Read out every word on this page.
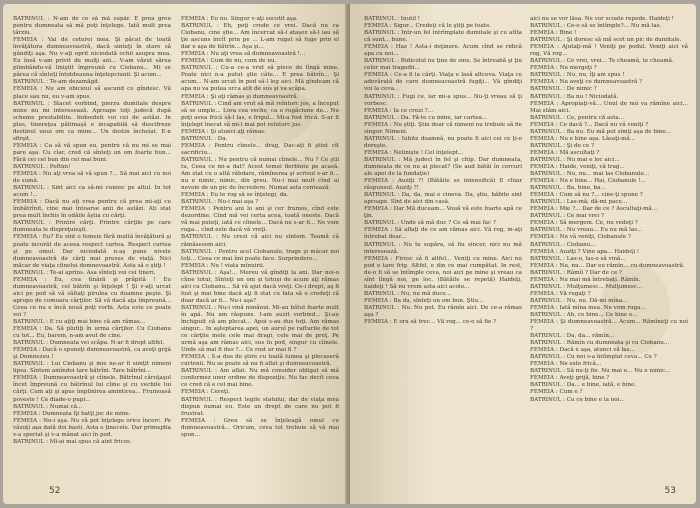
BATRINUL : N-am de ce să mă supăr. E prea greu pentru dumneata să mă poţi înţelege. Iată mult prea târziu.

FEMEIA : Vai de ceterei mea. Şi păcat de toată învăţătura dumneavoastră, dacă sinteţi în stare să gândiţi aşa. Nu v-aţi oprit niciodată ochii asupra mea. Eu însă v-am privit de mulţi ani... V-am văzut sărea plimbându-vă liniştit împreună cu Ciobanu... Mi se părea că sînteţi întotdeauna înţelepciunii. Şi acum...

BATRINUL : Te-am dezamăgit.

FEMEIA : Nu am obiceiul să ascund ce gîndesc. Vă place sau nu, eu v-am spus.

BATRINUL : Stacet vorbind, pierzu dumitale despre mine nu mi interesează. Aproape toţi judecă după scheme prestabilite. Indoedeti voi cei de astăzi. In plus, tinereţea pătimaşă e incapabilă să descifreze destinul unui om ca mine... Un destin încheiat. E-n sfirşit.

FEMEIA : Ca să vă spun eu, pentru că nu mi se mai pare aşa. Cu clar, cred că sînteţi un om foarte bun... Fără cei cel bun din cei mai buni.

BATRINUL : Poftim!

FEMEIA : Nu aţi vrea să vă spun ?... Să mai aici cu noi de sumă.

BATRINUL : Sint aici ca să-mi cunosc pe altul. In tot acum !...

FEMEIA : Dacă nu aţi vrea pentru că prea mi-aţi cu îmbătrînit, cine mai întoarse anii de astăzi. Ati stat prea mult închis în odăile ăştia cu cărţi.

BATRINUL : Printre cărţi. Printre cărţile pe care dumneata le dispreţuieşti.

FEMEIA : Eu? Eu sînt o femeie fără multă învăţătură şi poate incurăt de aceea respect cartea. Respect cartea şi pe omul. Dar niciodată n-aş pune nivele dumneavoastră de cărţi mai presus de viaţă. Nici măcar de viaţa cîinelui domnevoastră. Asta să o ştiţi !

BATRINUL : Te-ai aprins. Asa sînteţi voi cei tineri.

FEMEIA : Eu, cea tînără şi prăpită ! Eu dumneavoastră, cel bătrîn şi înţelept ! Şi v-aţi urcat aici pe pod să vă săltaţi pirulea cu doamne peşte. Şi apropo de comoara cărţilor. Să vă dacă aţa împreună... Ceea ce nu e încă nouă poţi vorbi. Asta este ce poate voi ?

BATRINUL : E cu aţiţi mai bine că am rămas...

FEMEIA : Da. Să plutiţi în urma cărţilor. Cu Ciobanu cu tot... Eu, barem, n-am avut de cine.

BATRINUL : Dumneata vei scăpa. N-ar fi drept altfel.

FEMEIA : Dacă o spuneţi dumneavoastră, ca aveţi grijă şi Dumnezeu !

BATRINUL : Lui Ciobanu şi mie ne-ar fi simţit nimeni lipsa. Sîntem amîndoi tare bătrîni. Tare bătrîni...

FEMEIA : Dumneavoastră şi cîinele. Bătrînul căruţaşul încet împreună cu bătrînul lui cîine şi cu vechile lui cărţi. Cum aţi şi apus împlinirea amintirea... Frumoasă poveste ! Ce diade-o pupi...

BATRINUL : Numai că...

FEMEIA : Dumneata îţi batţi joc de mine.

FEMEIA : Nu-i aşa. Nu vă pot înţelege orice încerc. Pe văzuţi aşa dată doi basti. Asta e ţinecele. Dar primejdia v-a speriat şi v-a mânat aici în pod.

BATRINUL : Mi-ai mai spus că aint fricos.

FEMEIA : Eu nu. Singur v-aţi socotit aşa.

BATRINUL : Eh, poţi crede ce vrei. Dacă nu ca Ciobanu, cine ştie... Am încercat să-l ataşez să-l iau să ţie ascuns încît prin pe ... L-am rugat să fuge prin el dar e aşa de bătrîn... Aşa și...

FEMEIA : Nu aţi vrea să dumneavoastră !...

FEMEIA : Cum de nu, cum de nu.

BATRINUL : Cu-a ce-a vrut să plece de lîngă mine. Poate nici n-a putut ştie câte... E prea bătrîn... Şi acum... N-am urcat în pod să-l leg aici. Mă gîndeam că apa nu va putea urca atît de sus şi va scăpa.

FEMEIA : Şi aţi rămas şi dumneavoastră.

BATRINUL : Cind am vrut să mă reîntorc jos, a început să se umple... Lora cea veche, ca o rugăciune de... Nu poţi avea frică să-l las, e frigul... Mi-a fost frică. S-ar fi înţelept înecat să mi-l mai pot reîntorc jos.

FEMEIA : Şi atunci aţi rămas.

BATRINUL : Da.

FEMEIA : Pentru cîinele... drag, Dac-aţi fi ştiut cît sacrificiu...

BATRINUL : Nu pentru că numai cîinele... Nu ? Ce ştii tu, Ceea ce mi-a dat? Acest temei fierbinte pe acasă. Am stat cu o altă răbdare, rămînerea şi scrisul s-ar fi... nu e nimic, nimic, din greu. Nu-i mai mult cînd ai nevoie de un pic de încredere. Numai asta contează.

FEMEIA : Eu te rog să se înţelegi, da.

BATRINUL : Nu-i mai aşa ?

FEMEIA : Pentru ani lo ani şi cer frumos, cînd este dezordine. Cînd mă vei certa acea, toată oneste. Dacă vă mai puteţi, iată ce cîinele... Dacă nu s-ar fi... Ne vom ruga... cînd este dacă vă vreţi.

BATRINUL : Nu crezi că aici nu sîntem. Teamă că rămăsesem aici.

BATRINUL : Pentru acel Ciobanule, trage şi măcar noi toţi... Ceea ce mai îmi poate face. Surprindere...

FEMEIA : Nu ! viata mînuirii.

BATRINUL : Aşa!... Mereu vă gîndiţi la ani. Dar noi-o cîine totul, Sînteţi un om şi totuşi de acum aţi rămas aici cu Ciobanu... Să vă ajut dacă vreţi. Ce-i drept, aş fi fost şi mai bine dacă aţi fi stat cu fata să o credeţi că doar dacă ar fi... Nu-i aşa?

BATRINUL : Nu-i vină nimănui. Mi-au bătut foarte mult în apă. Nu am răspuns. I-am auzit vorbind... Şi-au închipuit că am plecat... Apoi s-au dus toţi. Am rămas singur... In aşteptarea apei, un aurul pe rafturile de tot ce cărţile mele cele mai dragi, cele mai de preţ. Pe urmă aşa am rămas aici, sus în pod, singur cu cîinele. Unde să mai fi dus ?... Ce rost ar mai fi ?

FEMEIA : S-a dus de ştire cu toată lumea şi plecaseră curtenii. Nu se poate să nu fi aflat şi dumneavoastră.

BATRINUL : Am aflat. Nu mă consider obligat să mă conformez unor ordine de dispoziţie. Nu fac decît ceea ce cred că e cel mai bine.

FEMEIA : Cereţi.

BATRINUL : Respect legile statului, dar de viaţa mea dispun numai eu. Este un drept de care nu pot fi frustrat.

FEMEIA : Greu să se înţeleagă omul cu dumneavoastră... Oricum, ceva tot trebuie să vă mai spun...

52

BATRINUL : Inutil !

FEMEIA : Sigur... Credeţi că le ştiţi pe toate.

BATRINUL : Intr-un fel întrîmplate dumitale şi cu atîta că sunt... bune.

FEMEIA : Haz ! Asta-i deţinere. Acum cînd se ridică apa cu noi...

BATRINUL : Ridicolul nu ţine de sine. Se întreabă şi ţiu celor mai tragedii...

FEMEIA : Ce-a fi la cărţi. Viaţa e lasă altceva. Viaţa ce adevărată de care dumneavoastră fugiţi... Vă gîndiţi voi la ceva...

BATRINUL : Fugi ce, iar mi-a spus... Nu-ţi vreau să ţi vorbesc.

FEMEIA : Ia ce crezi ?...

BATRINUL : Da. Fă-te cu mine, iar cartea...

FEMEIA : Nu ştiţi. Ştiu doar că nimeni nu trebuie să fie singur. Nimeni.

BATRINUL : Iubite doamnă, nu poate fi aici cei ce ţi-o doreşte.

FEMEIA : Nelinişte ! Cel înţelept...

BATRINUL : Mă judeci în fel şi chip. Dar dumneata, dumneata de ce nu ai plecat? (Se aud bătăi în cercuri ale apei de la fundaţie)

FEMEIA : Auziţi ?! (Bătăile se intensifică) E chiar răspunsul. Auziţi ?!

BATRINUL : Da, da, mai e cineva. Da, ştiu, băbite sint aproape. Sînt de aici din casă.

FEMEIA : Dar Mă duceam... Vouă vă este foarte apă ce ţin.

BATRINUL : Unde să mă duc ? Ce să mai fac ?

FEMEIA : Să aflaţi de ce am rămas aici. Vă rog, m-aţi întrebat doar...

BATRINUL : Nu te supăra, să fiu sincer, nici nu mă interesează.

FEMEIA : Firesc să fi altfel... Veniţi cu mine. Aici nu pod e tare frig. Altfel, e din ce mai cumpătat. In rest, de-o fi să se întîmple ceva, noi aici pe mine şi vreau ca sînt lîngă noi, pe loc. (Bătăile se repetă) Haideţi, haideţi ! Să nu vrem asta aici acolo...

BATRINUL : Nu, nu mă duce...

FEMEIA : Ba da, sînteţi un om bun. Ştiu...

BATRINUL : Nu. Nu pot. Eu rămîn aici. De ce-a rămas aşa ?

FEMEIA : E ora să trec... Vă rog... ce-o să fie ?

aici nu se vor lăsa. Ne vor scoate repede. Haideţi !

BATRINUL : Ce-o să se întîmple?... Nu mă las.

FEMEIA : Bine !

BATRINUL : Şi doresc să mă scot un pic de dumitale.

FEMEIA : Ajutaţi-mă ! Veniţi pe podul. Veniţi aici vă rog, Vă rog...

BATRINUL : Ce vrei, vrei... Te cheamă, te cheamă.

FEMEIA : Nu mergeţi ?

BATRINUL : Nu, nu, îţi am spus !

FEMEIA : Nu aveţi ce dumneavoastră ?

BATRINUL : De nimic ?

BATRINUL : Ba nu ! Niciodată.

FEMEIA : Apropiaţi-vă... Unul de noi va rămîne aici... Mai stăm aici.

BATRINUL : Ce, pentru că asta...

FEMEIA : Ce dacă ?... Dacă nu vă veniţi ?

BATRINUL : Ba nu. Eu mă pot simţi aşa de bine...

FEMEIA : Nu e bine aşa. Lăsaţi-mă...

BATRINUL : Şi de ce ?

FEMEIA : Mă ascultaţi ?

BATRINUL : Nu mai e loc aici...

FEMEIA : Haide, veniţi, vă trag...

BATRINUL : Nu, nu... mai las Ciobanule...

FEMEIA : Nu e bine... Hai, Ciobanule !...

BATRINUL : Ba, bine, ba...

FEMEIA : Cum să nu ?... cine-ţi spune ?

BATRINUL : Las-mă, dă-mi pace...

FEMEIA : Mie ?... Dar de ce ? Ascultaţi-mă...

BATRINUL : Ce mai vrei ?

FEMEIA : Să mergem. Ce, nu vedeţi ?

BATRINUL : Nu vreau... Eu nu mă las...

FEMEIA : Nu vă veniţi, Ciobanule ?

BATRINUL : Ciobanu...

FEMEIA : Auziţi ? Vine apa... Haideţi !

BATRINUL : Las-o, las-o să vină...

FEMEIA : Nu, nu... Dar eu rămîn... cu dumneavoastră.

BATRINUL : Rămîi ? Dar de ce ?

FEMEIA : Nu mai mă întrebaţi. Rămîn.

BATRINUL : Mulţumesc... Mulţumesc...

FEMEIA : Vă rugaţi ?

BATRINUL : Nu, nu. Dă-mi mîna...

FEMEIA : Iată mîna mea. Ne vom ruga...

BATRINUL : Ah, ce bine... Ce bine e...

FEMEIA : Şi dumneavoastră... Acum... Rămîneţi cu noi ?

BATRINUL : Da, da... rămîn...

BATRINUL : Rămîn cu dumneata şi cu Ciobanu...

FEMEIA : Dacă e aşa, atunci vă las...

BATRINUL : Cu noi s-a întîmplat ceva... Ce ?

FEMEIA : Ne este frică...

BATRINUL : Să nu-ţi fie. Nu mai e... Nu e nimic...

FEMEIA : Aveţi grijă, bine ?

BATRINUL : Da... e bine, iată, e bine.

FEMEIA : Cum e ?

BATRINUL : Cu ce bine e la noi...

53
